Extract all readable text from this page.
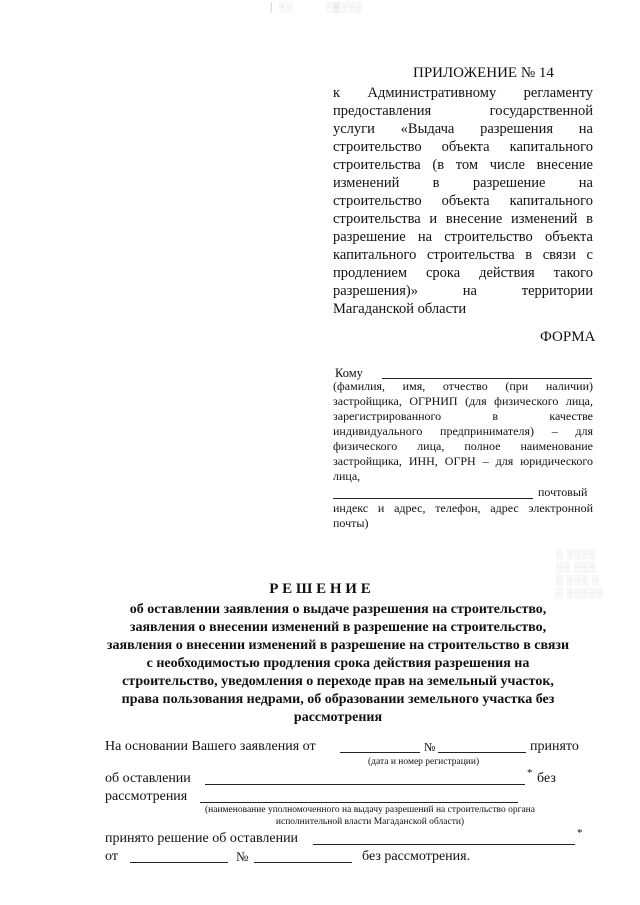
│ ░░          ░▒░░░
░ ░░░░
░░ ░░░
░ ░░░ ░
░ ░░░░░
ПРИЛОЖЕНИЕ № 14
к Административному регламенту
предоставления государственной
услуги «Выдача разрешения на
строительство объекта капитального
строительства (в том числе внесение
изменений в разрешение на
строительство объекта капитального
строительства и внесение изменений в
разрешение на строительство объекта
капитального строительства в связи с
продлением срока действия такого
разрешения)» на территории
Магаданской области
ФОРМА
Кому
(фамилия, имя, отчество (при наличии)
застройщика, ОГРНИП (для физического лица,
зарегистрированного в качестве
индивидуального предпринимателя) – для
физического лица, полное наименование
застройщика, ИНН, ОГРН – для юридического
лица,
почтовый
индекс и адрес, телефон, адрес электронной
почты)
Р Е Ш Е Н И Е
об оставлении заявления о выдаче разрешения на строительство,
заявления о внесении изменений в разрешение на строительство,
заявления о внесении изменений в разрешение на строительство в связи
с необходимостью продления срока действия разрешения на
строительство, уведомления о переходе прав на земельный участок,
права пользования недрами, об образовании земельного участка без
рассмотрения
На основании Вашего заявления от	№	принято
(дата и номер регистрации)
об оставлении	* без
рассмотрения
(наименование уполномоченного на выдачу разрешений на строительство органа
исполнительной власти Магаданской области)
принято решение об оставлении	*
от	№	без рассмотрения.
